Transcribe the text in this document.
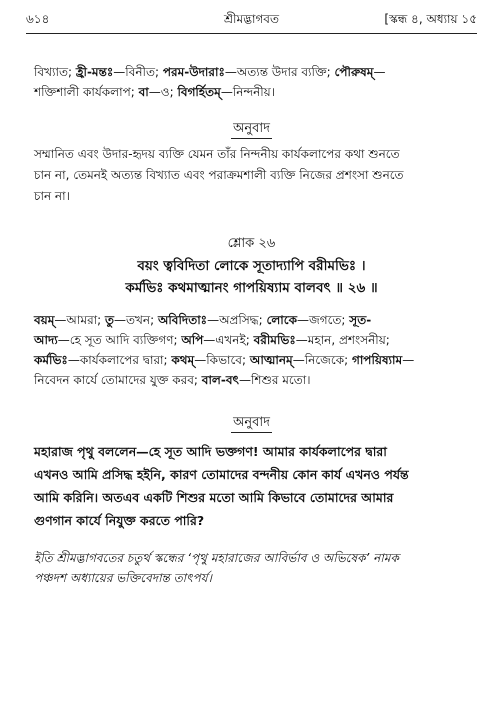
৬১৪	শ্রীমদ্ভাগবত	[স্কন্ধ ৪, অধ্যায় ১৫
বিখ্যাত; হ্রী-মন্তঃ—বিনীত; পরম-উদারাঃ—অত্যন্ত উদার ব্যক্তি; পৌরুষম্—
শক্তিশালী কার্যকলাপ; বা—ও; বিগর্হিতম্—নিন্দনীয়।
অনুবাদ
সম্মানিত এবং উদার-হৃদয় ব্যক্তি যেমন তাঁর নিন্দনীয় কার্যকলাপের কথা শুনতে
চান না, তেমনই অত্যন্ত বিখ্যাত এবং পরাক্রমশালী ব্যক্তি নিজের প্রশংসা শুনতে
চান না।
শ্লোক ২৬
বয়ং ত্ববিদিতা লোকে সূতাদ্যাপি বরীমভিঃ ।
কর্মভিঃ কথমাত্মানং গাপয়িষ্যাম বালবৎ ॥ ২৬ ॥
বয়ম্—আমরা; তু—তখন; অবিদিতাঃ—অপ্রসিদ্ধ; লোকে—জগতে; সূত-
আদ্য—হে সূত আদি ব্যক্তিগণ; অপি—এখনই; বরীমভিঃ—মহান, প্রশংসনীয়;
কর্মভিঃ—কার্যকলাপের দ্বারা; কথম্—কিভাবে; আত্মানম্—নিজেকে; গাপয়িষ্যাম—
নিবেদন কার্যে তোমাদের যুক্ত করব; বাল-বৎ—শিশুর মতো।
অনুবাদ
মহারাজ পৃথু বললেন—হে সূত আদি ভক্তগণ! আমার কার্যকলাপের দ্বারা
এখনও আমি প্রসিদ্ধ হইনি, কারণ তোমাদের বন্দনীয় কোন কার্য এখনও পর্যন্ত
আমি করিনি। অতএব একটি শিশুর মতো আমি কিভাবে তোমাদের আমার
গুণগান কার্যে নিযুক্ত করতে পারি?
ইতি শ্রীমদ্ভাগবতের চতুর্থ স্কন্ধের ‘পৃথু মহারাজের আবির্ভাব ও অভিষেক’ নামক
পঞ্চদশ অধ্যায়ের ভক্তিবেদান্ত তাৎপর্য।
